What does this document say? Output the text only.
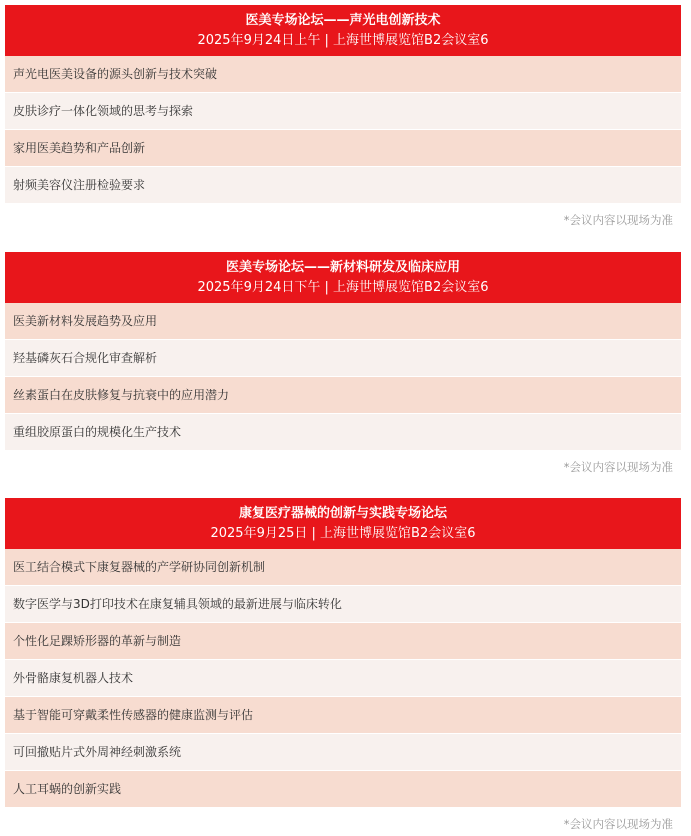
医美专场论坛——声光电创新技术
2025年9月24日上午 | 上海世博展览馆B2会议室6
声光电医美设备的源头创新与技术突破
皮肤诊疗一体化领域的思考与探索
家用医美趋势和产品创新
射频美容仪注册检验要求
*会议内容以现场为准
医美专场论坛——新材料研发及临床应用
2025年9月24日下午 | 上海世博展览馆B2会议室6
医美新材料发展趋势及应用
羟基磷灰石合规化审查解析
丝素蛋白在皮肤修复与抗衰中的应用潜力
重组胶原蛋白的规模化生产技术
*会议内容以现场为准
康复医疗器械的创新与实践专场论坛
2025年9月25日 | 上海世博展览馆B2会议室6
医工结合模式下康复器械的产学研协同创新机制
数字医学与3D打印技术在康复辅具领域的最新进展与临床转化
个性化足踝矫形器的革新与制造
外骨骼康复机器人技术
基于智能可穿戴柔性传感器的健康监测与评估
可回撤贴片式外周神经刺激系统
人工耳蜗的创新实践
*会议内容以现场为准
